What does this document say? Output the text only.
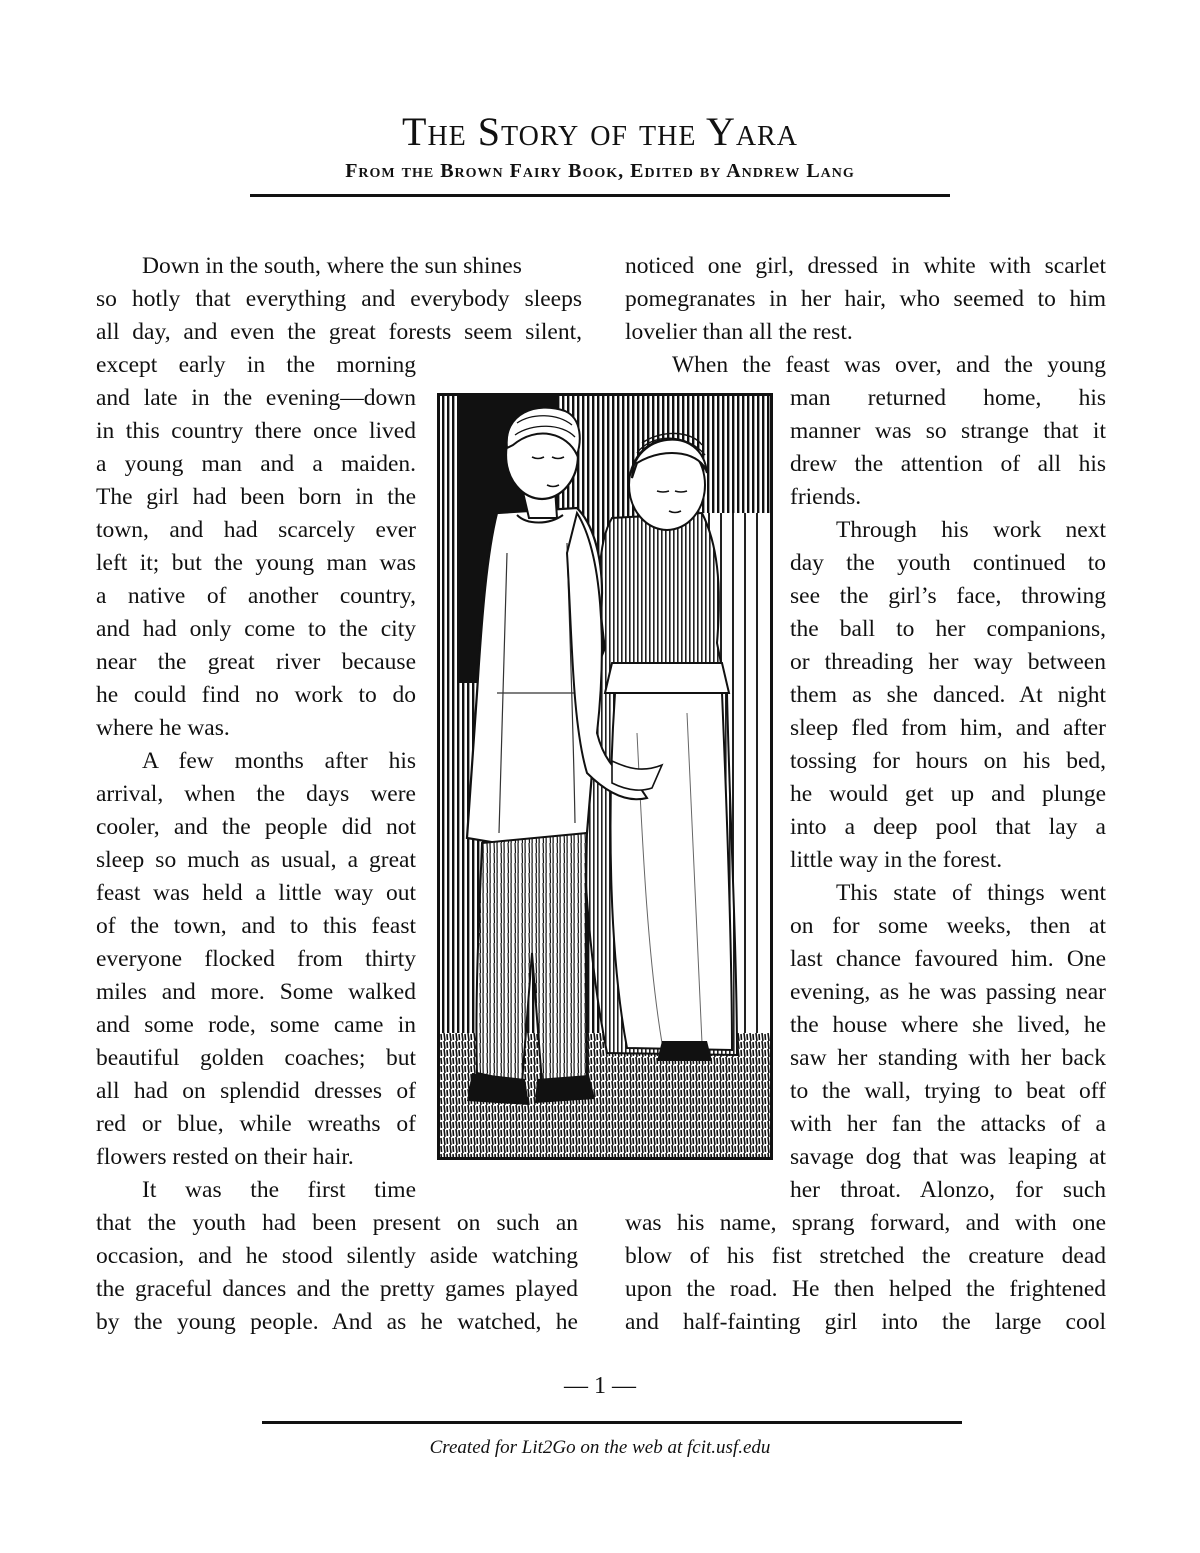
The Story of the Yara
From the Brown Fairy Book, Edited by Andrew Lang
Down in the south, where the sun shines
so hotly that everything and everybody sleeps
all day, and even the great forests seem silent,
except early in the morning
and late in the evening—down
in this country there once lived
a young man and a maiden.
The girl had been born in the
town, and had scarcely ever
left it; but the young man was
a native of another country,
and had only come to the city
near the great river because
he could find no work to do
where he was.
A few months after his
arrival, when the days were
cooler, and the people did not
sleep so much as usual, a great
feast was held a little way out
of the town, and to this feast
everyone flocked from thirty
miles and more. Some walked
and some rode, some came in
beautiful golden coaches; but
all had on splendid dresses of
red or blue, while wreaths of
flowers rested on their hair.
It was the first time
that the youth had been present on such an
occasion, and he stood silently aside watching
the graceful dances and the pretty games played
by the young people. And as he watched, he
noticed one girl, dressed in white with scarlet
pomegranates in her hair, who seemed to him
lovelier than all the rest.
When the feast was over, and the young
man returned home, his
manner was so strange that it
drew the attention of all his
friends.
Through his work next
day the youth continued to
see the girl’s face, throwing
the ball to her companions,
or threading her way between
them as she danced. At night
sleep fled from him, and after
tossing for hours on his bed,
he would get up and plunge
into a deep pool that lay a
little way in the forest.
This state of things went
on for some weeks, then at
last chance favoured him. One
evening, as he was passing near
the house where she lived, he
saw her standing with her back
to the wall, trying to beat off
with her fan the attacks of a
savage dog that was leaping at
her throat. Alonzo, for such
was his name, sprang forward, and with one
blow of his fist stretched the creature dead
upon the road. He then helped the frightened
and half-fainting girl into the large cool
— 1 —
Created for Lit2Go on the web at fcit.usf.edu
